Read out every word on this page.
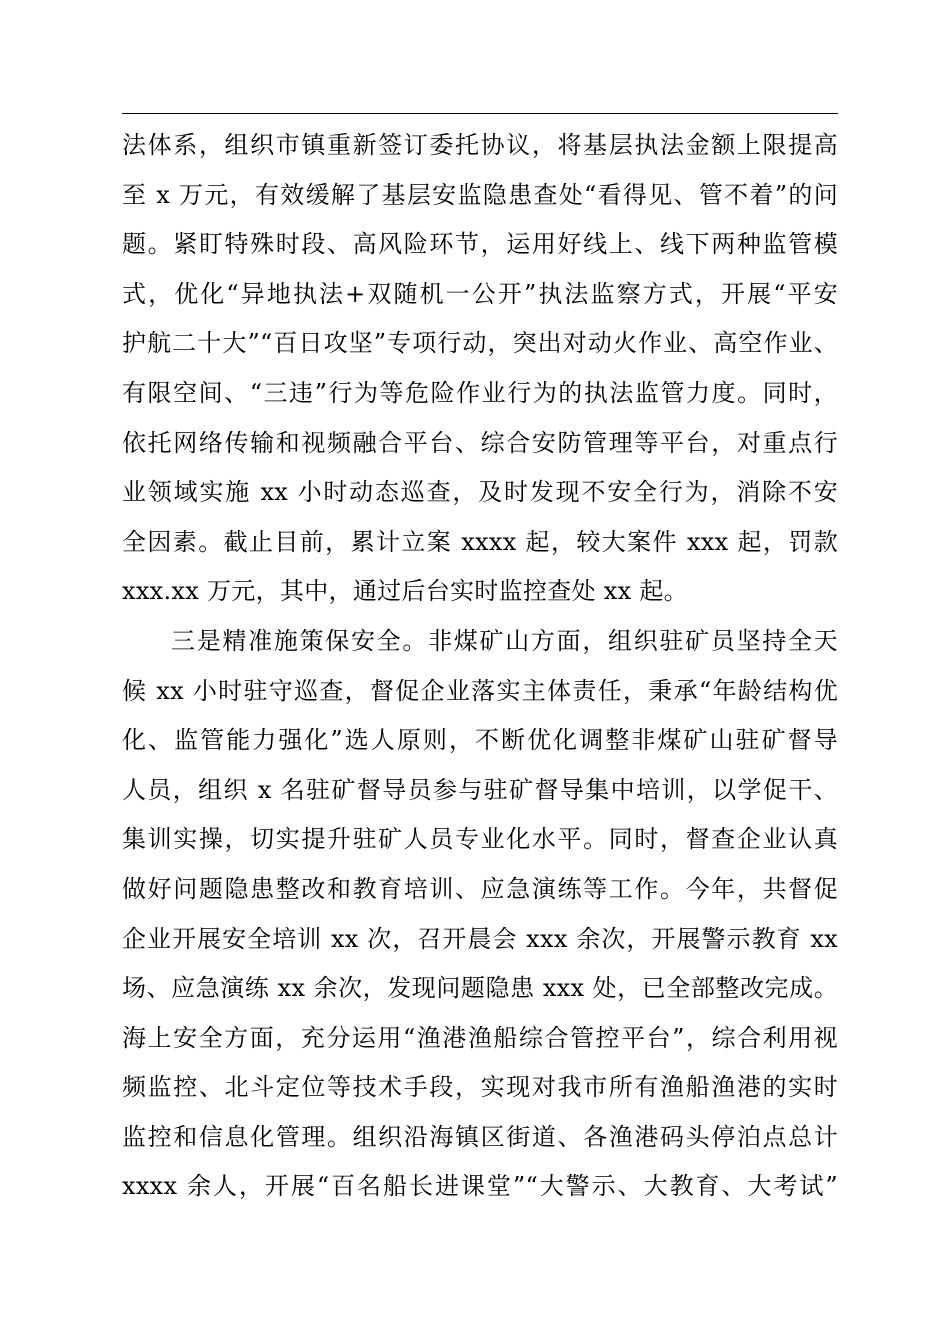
法体系，组织市镇重新签订委托协议，将基层执法金额上限提高
至 x 万元，有效缓解了基层安监隐患查处“看得见、管不着”的问
题。紧盯特殊时段、高风险环节，运用好线上、线下两种监管模
式，优化“异地执法+双随机一公开”执法监察方式，开展“平安
护航二十大”“百日攻坚”专项行动，突出对动火作业、高空作业、
有限空间、“三违”行为等危险作业行为的执法监管力度。同时，
依托网络传输和视频融合平台、综合安防管理等平台，对重点行
业领域实施 xx 小时动态巡查，及时发现不安全行为，消除不安
全因素。截止目前，累计立案 xxxx 起，较大案件 xxx 起，罚款
xxx.xx 万元，其中，通过后台实时监控查处 xx 起。
三是精准施策保安全。非煤矿山方面，组织驻矿员坚持全天
候 xx 小时驻守巡查，督促企业落实主体责任，秉承“年龄结构优
化、监管能力强化”选人原则，不断优化调整非煤矿山驻矿督导
人员，组织 x 名驻矿督导员参与驻矿督导集中培训，以学促干、
集训实操，切实提升驻矿人员专业化水平。同时，督查企业认真
做好问题隐患整改和教育培训、应急演练等工作。今年，共督促
企业开展安全培训 xx 次，召开晨会 xxx 余次，开展警示教育 xx
场、应急演练 xx 余次，发现问题隐患 xxx 处，已全部整改完成。
海上安全方面，充分运用“渔港渔船综合管控平台”，综合利用视
频监控、北斗定位等技术手段，实现对我市所有渔船渔港的实时
监控和信息化管理。组织沿海镇区街道、各渔港码头停泊点总计
xxxx 余人，开展“百名船长进课堂”“大警示、大教育、大考试”
